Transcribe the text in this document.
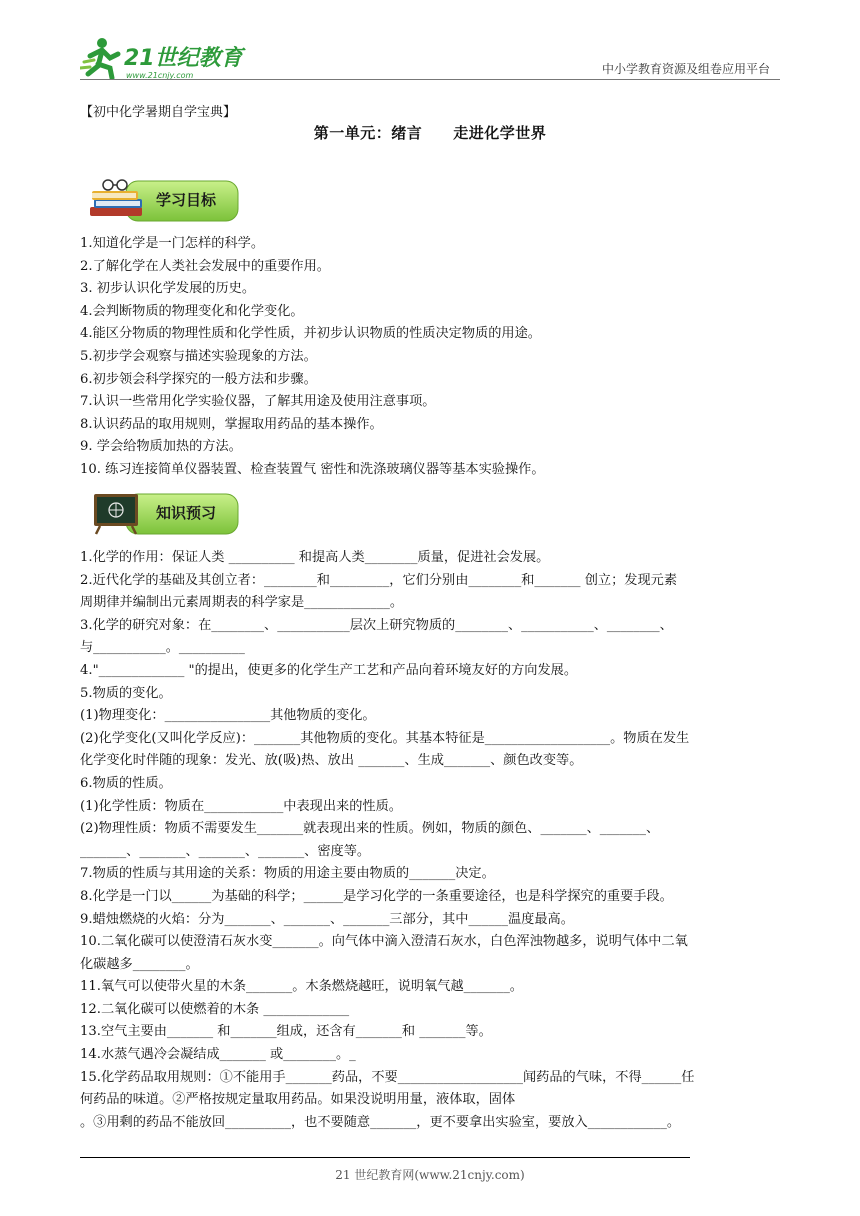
21世纪教育
www.21cnjy.com	中小学教育资源及组卷应用平台
【初中化学暑期自学宝典】
第一单元：绪言　　走进化学世界
学习目标

1.知道化学是一门怎样的科学。

2.了解化学在人类社会发展中的重要作用。

3. 初步认识化学发展的历史。

4.会判断物质的物理变化和化学变化。

4.能区分物质的物理性质和化学性质，并初步认识物质的性质决定物质的用途。

5.初步学会观察与描述实验现象的方法。

6.初步领会科学探究的一般方法和步骤。

7.认识一些常用化学实验仪器，了解其用途及使用注意事项。

8.认识药品的取用规则，掌握取用药品的基本操作。

9. 学会给物质加热的方法。

10. 练习连接简单仪器装置、检查装置气 密性和洗涤玻璃仪器等基本实验操作。

知识预习

1.化学的作用：保证人类 __________ 和提高人类________质量，促进社会发展。

2.近代化学的基础及其创立者：________和_________，它们分别由________和_______ 创立；发现元素

周期律并编制出元素周期表的科学家是_____________。

3.化学的研究对象：在________、___________层次上研究物质的________、___________、________、

与___________。__________

4."_____________ "的提出，使更多的化学生产工艺和产品向着环境友好的方向发展。

5.物质的变化。

(1)物理变化：________________其他物质的变化。

(2)化学变化(又叫化学反应)：_______其他物质的变化。其基本特征是___________________。物质在发生

化学变化时伴随的现象：发光、放(吸)热、放出 _______、生成_______、颜色改变等。

6.物质的性质。

(1)化学性质：物质在____________中表现出来的性质。

(2)物理性质：物质不需要发生_______就表现出来的性质。例如，物质的颜色、_______、_______、

_______、_______、_______、_______、密度等。

7.物质的性质与其用途的关系：物质的用途主要由物质的_______决定。

8.化学是一门以______为基础的科学；______是学习化学的一条重要途径，也是科学探究的重要手段。

9.蜡烛燃烧的火焰：分为_______、_______、_______三部分，其中______温度最高。

10.二氧化碳可以使澄清石灰水变_______。向气体中滴入澄清石灰水，白色浑浊物越多，说明气体中二氧

化碳越多________。

11.氧气可以使带火星的木条_______。木条燃烧越旺，说明氧气越_______。

12.二氧化碳可以使燃着的木条 _____________

13.空气主要由_______ 和_______组成，还含有_______和 _______等。

14.水蒸气遇冷会凝结成_______ 或________。_

15.化学药品取用规则：①不能用手_______药品，不要___________________闻药品的气味，不得______任

何药品的味道。②严格按规定量取用药品。如果没说明用量，液体取，固体

。③用剩的药品不能放回__________，也不要随意_______，更不要拿出实验室，要放入____________。

21 世纪教育网(www.21cnjy.com)
